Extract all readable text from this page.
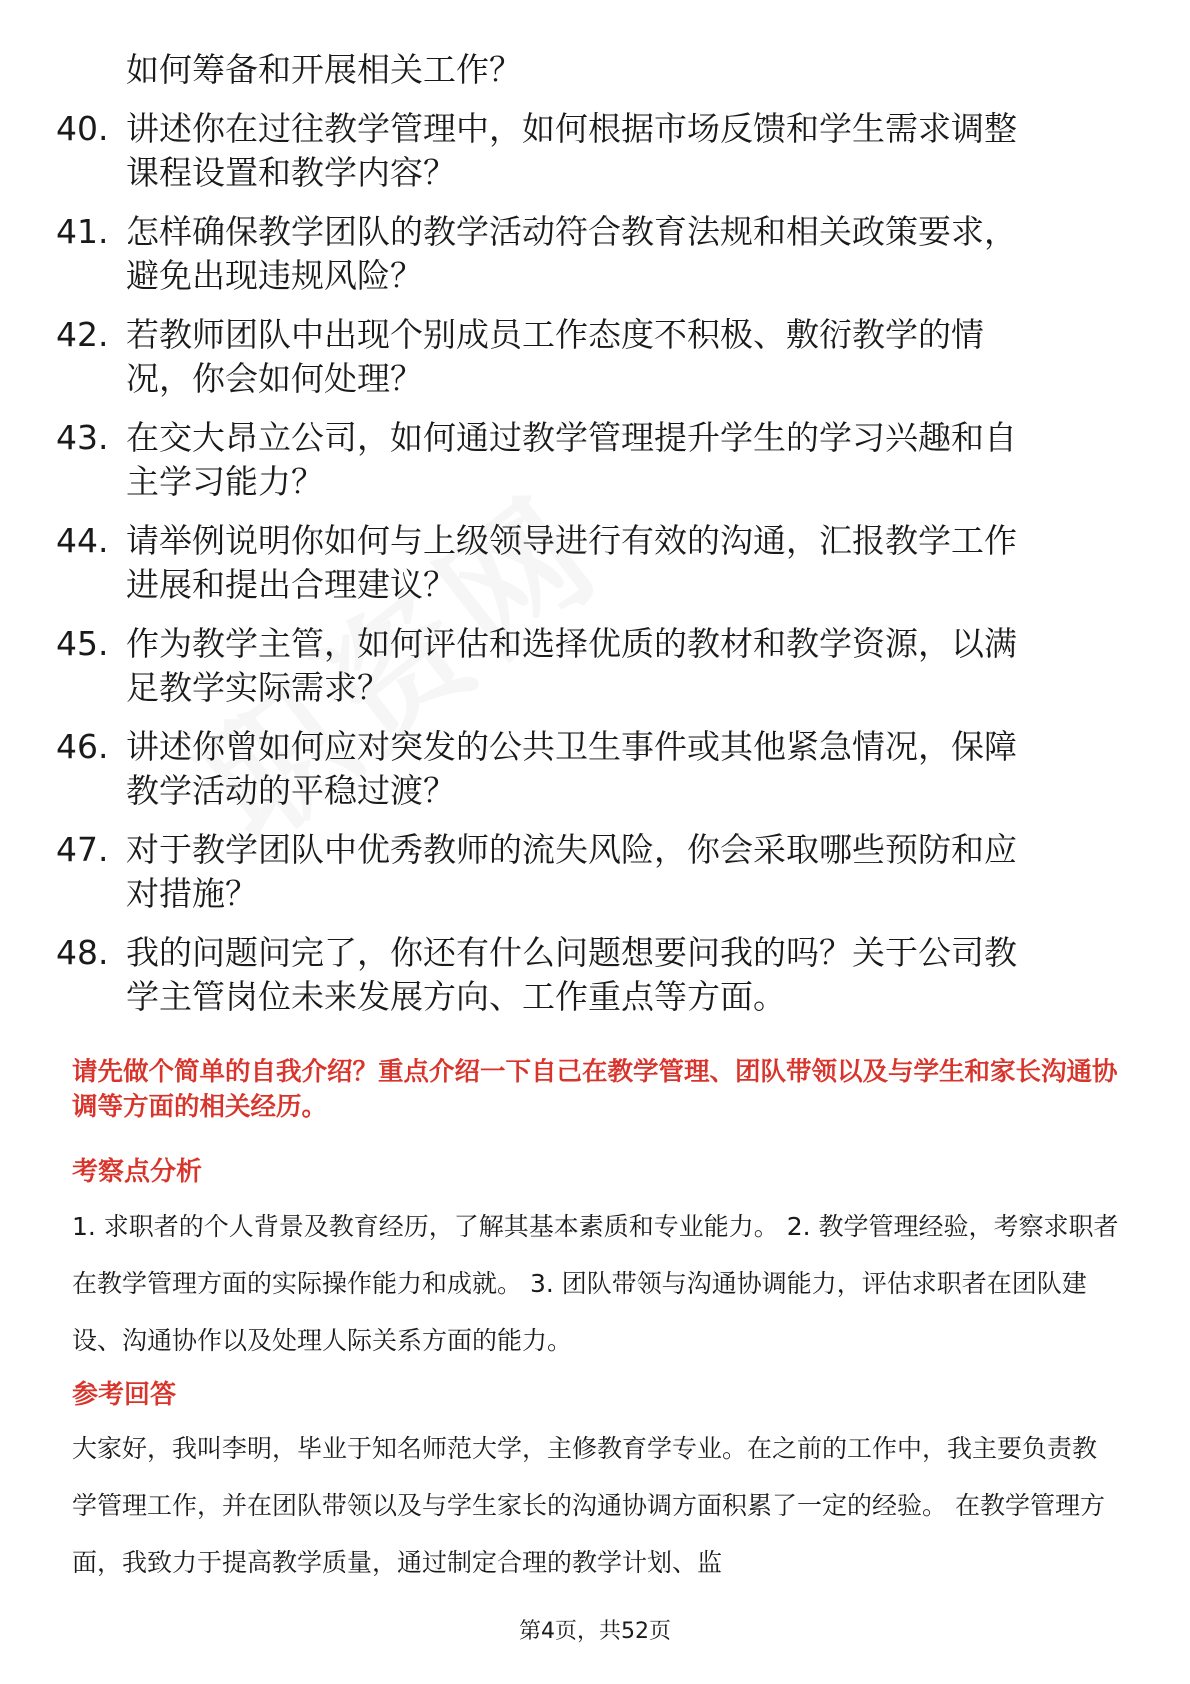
如何筹备和开展相关工作？
40. 讲述你在过往教学管理中，如何根据市场反馈和学生需求调整课程设置和教学内容？
41. 怎样确保教学团队的教学活动符合教育法规和相关政策要求，避免出现违规风险？
42. 若教师团队中出现个别成员工作态度不积极、敷衍教学的情况，你会如何处理？
43. 在交大昂立公司，如何通过教学管理提升学生的学习兴趣和自主学习能力？
44. 请举例说明你如何与上级领导进行有效的沟通，汇报教学工作进展和提出合理建议？
45. 作为教学主管，如何评估和选择优质的教材和教学资源，以满足教学实际需求？
46. 讲述你曾如何应对突发的公共卫生事件或其他紧急情况，保障教学活动的平稳过渡？
47. 对于教学团队中优秀教师的流失风险，你会采取哪些预防和应对措施？
48. 我的问题问完了，你还有什么问题想要问我的吗？关于公司教学主管岗位未来发展方向、工作重点等方面。
请先做个简单的自我介绍？重点介绍一下自己在教学管理、团队带领以及与学生和家长沟通协调等方面的相关经历。
考察点分析
1. 求职者的个人背景及教育经历，了解其基本素质和专业能力。 2. 教学管理经验，考察求职者在教学管理方面的实际操作能力和成就。 3. 团队带领与沟通协调能力，评估求职者在团队建设、沟通协作以及处理人际关系方面的能力。
参考回答
大家好，我叫李明，毕业于知名师范大学，主修教育学专业。在之前的工作中，我主要负责教学管理工作，并在团队带领以及与学生家长的沟通协调方面积累了一定的经验。 在教学管理方面，我致力于提高教学质量，通过制定合理的教学计划、监
第4页，共52页
